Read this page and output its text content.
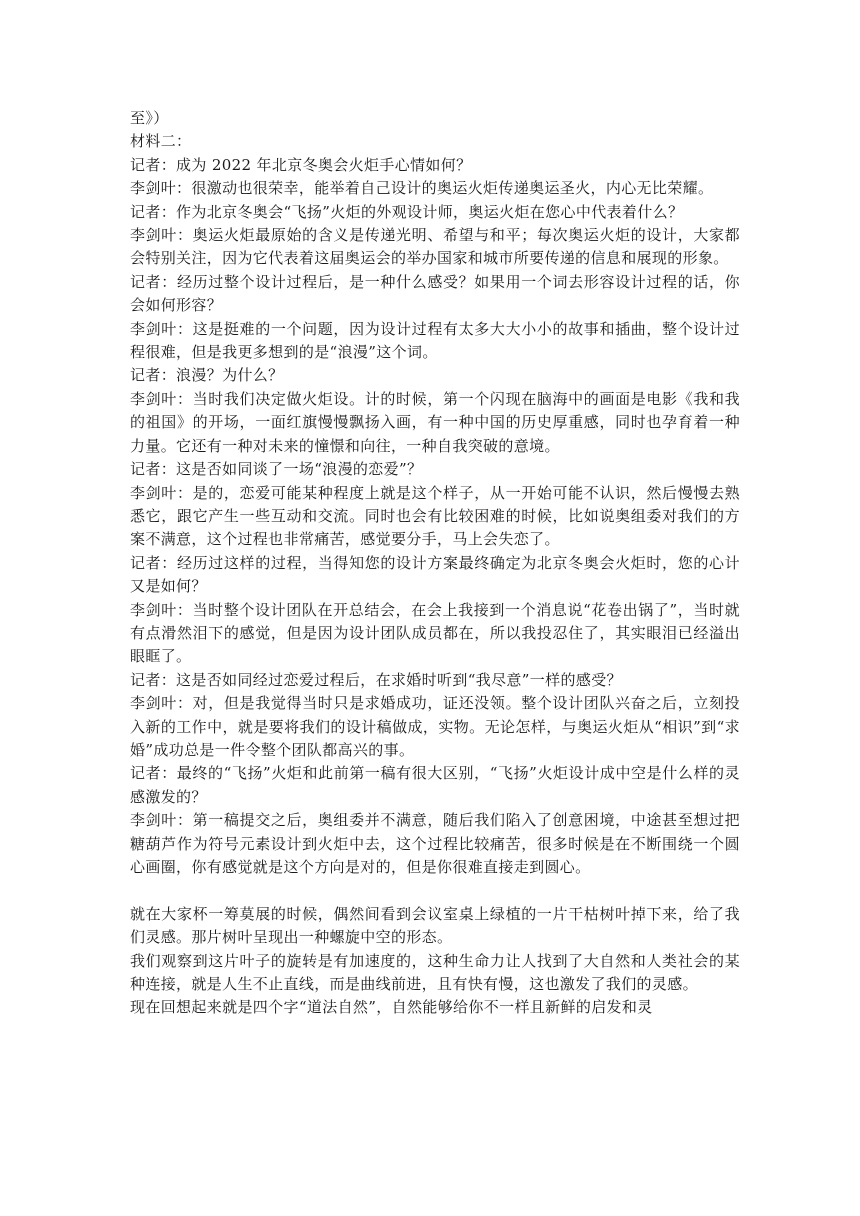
至》）

材料二：

记者：成为 2022 年北京冬奥会火炬手心情如何？

李剑叶：很激动也很荣幸，能举着自己设计的奥运火炬传递奥运圣火，内心无比荣耀。

记者：作为北京冬奥会“飞扬”火炬的外观设计师，奥运火炬在您心中代表着什么？

李剑叶：奥运火炬最原始的含义是传递光明、希望与和平；每次奥运火炬的设计，大家都会特别关注，因为它代表着这届奥运会的举办国家和城市所要传递的信息和展现的形象。

记者：经历过整个设计过程后，是一种什么感受？如果用一个词去形容设计过程的话，你会如何形容？

李剑叶：这是挺难的一个问题，因为设计过程有太多大大小小的故事和插曲，整个设计过程很难，但是我更多想到的是“浪漫”这个词。

记者：浪漫？为什么？

李剑叶：当时我们决定做火炬设。计的时候，第一个闪现在脑海中的画面是电影《我和我的祖国》的开场，一面红旗慢慢飘扬入画，有一种中国的历史厚重感，同时也孕育着一种力量。它还有一种对未来的憧憬和向往，一种自我突破的意境。

记者：这是否如同谈了一场“浪漫的恋爱”？

李剑叶：是的，恋爱可能某种程度上就是这个样子，从一开始可能不认识，然后慢慢去熟悉它，跟它产生一些互动和交流。同时也会有比较困难的时候，比如说奥组委对我们的方案不满意，这个过程也非常痛苦，感觉要分手，马上会失恋了。

记者：经历过这样的过程，当得知您的设计方案最终确定为北京冬奥会火炬时，您的心计又是如何？

李剑叶：当时整个设计团队在开总结会，在会上我接到一个消息说“花卷出锅了”，当时就有点滑然泪下的感觉，但是因为设计团队成员都在，所以我投忍住了，其实眼泪已经溢出眼眶了。

记者：这是否如同经过恋爱过程后，在求婚时听到“我尽意”一样的感受？

李剑叶：对，但是我觉得当时只是求婚成功，证还没领。整个设计团队兴奋之后，立刻投入新的工作中，就是要将我们的设计稿做成，实物。无论怎样，与奥运火炬从“相识”到“求婚”成功总是一件令整个团队都高兴的事。

记者：最终的“飞扬”火炬和此前第一稿有很大区别，“飞扬”火炬设计成中空是什么样的灵感激发的？

李剑叶：第一稿提交之后，奥组委并不满意，随后我们陷入了创意困境，中途甚至想过把糖葫芦作为符号元素设计到火炬中去，这个过程比较痛苦，很多时候是在不断围绕一个圆心画圈，你有感觉就是这个方向是对的，但是你很难直接走到圆心。

就在大家杯一筹莫展的时候，偶然间看到会议室桌上绿植的一片干枯树叶掉下来，给了我们灵感。那片树叶呈现出一种螺旋中空的形态。

我们观察到这片叶子的旋转是有加速度的，这种生命力让人找到了大自然和人类社会的某种连接，就是人生不止直线，而是曲线前进，且有快有慢，这也激发了我们的灵感。

现在回想起来就是四个字“道法自然”，自然能够给你不一样且新鲜的启发和灵
